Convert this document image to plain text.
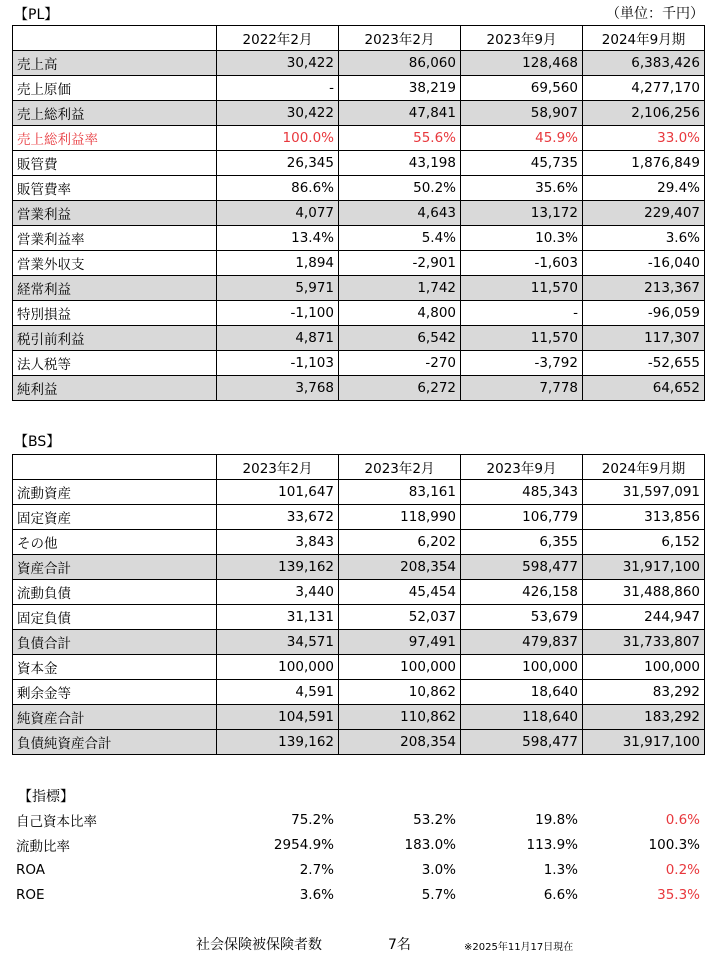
【PL】	（単位：千円）
	2022年2月	2023年2月	2023年9月	2024年9月期
売上高	30,422	86,060	128,468	6,383,426
売上原価	-	38,219	69,560	4,277,170
売上総利益	30,422	47,841	58,907	2,106,256
売上総利益率	100.0%	55.6%	45.9%	33.0%
販管費	26,345	43,198	45,735	1,876,849
販管費率	86.6%	50.2%	35.6%	29.4%
営業利益	4,077	4,643	13,172	229,407
営業利益率	13.4%	5.4%	10.3%	3.6%
営業外収支	1,894	-2,901	-1,603	-16,040
経常利益	5,971	1,742	11,570	213,367
特別損益	-1,100	4,800	-	-96,059
税引前利益	4,871	6,542	11,570	117,307
法人税等	-1,103	-270	-3,792	-52,655
純利益	3,768	6,272	7,778	64,652
【BS】
	2023年2月	2023年2月	2023年9月	2024年9月期
流動資産	101,647	83,161	485,343	31,597,091
固定資産	33,672	118,990	106,779	313,856
その他	3,843	6,202	6,355	6,152
資産合計	139,162	208,354	598,477	31,917,100
流動負債	3,440	45,454	426,158	31,488,860
固定負債	31,131	52,037	53,679	244,947
負債合計	34,571	97,491	479,837	31,733,807
資本金	100,000	100,000	100,000	100,000
剰余金等	4,591	10,862	18,640	83,292
純資産合計	104,591	110,862	118,640	183,292
負債純資産合計	139,162	208,354	598,477	31,917,100
【指標】
自己資本比率	75.2%	53.2%	19.8%	0.6%
流動比率	2954.9%	183.0%	113.9%	100.3%
ROA	2.7%	3.0%	1.3%	0.2%
ROE	3.6%	5.7%	6.6%	35.3%
社会保険被保険者数	7名	※2025年11月17日現在
